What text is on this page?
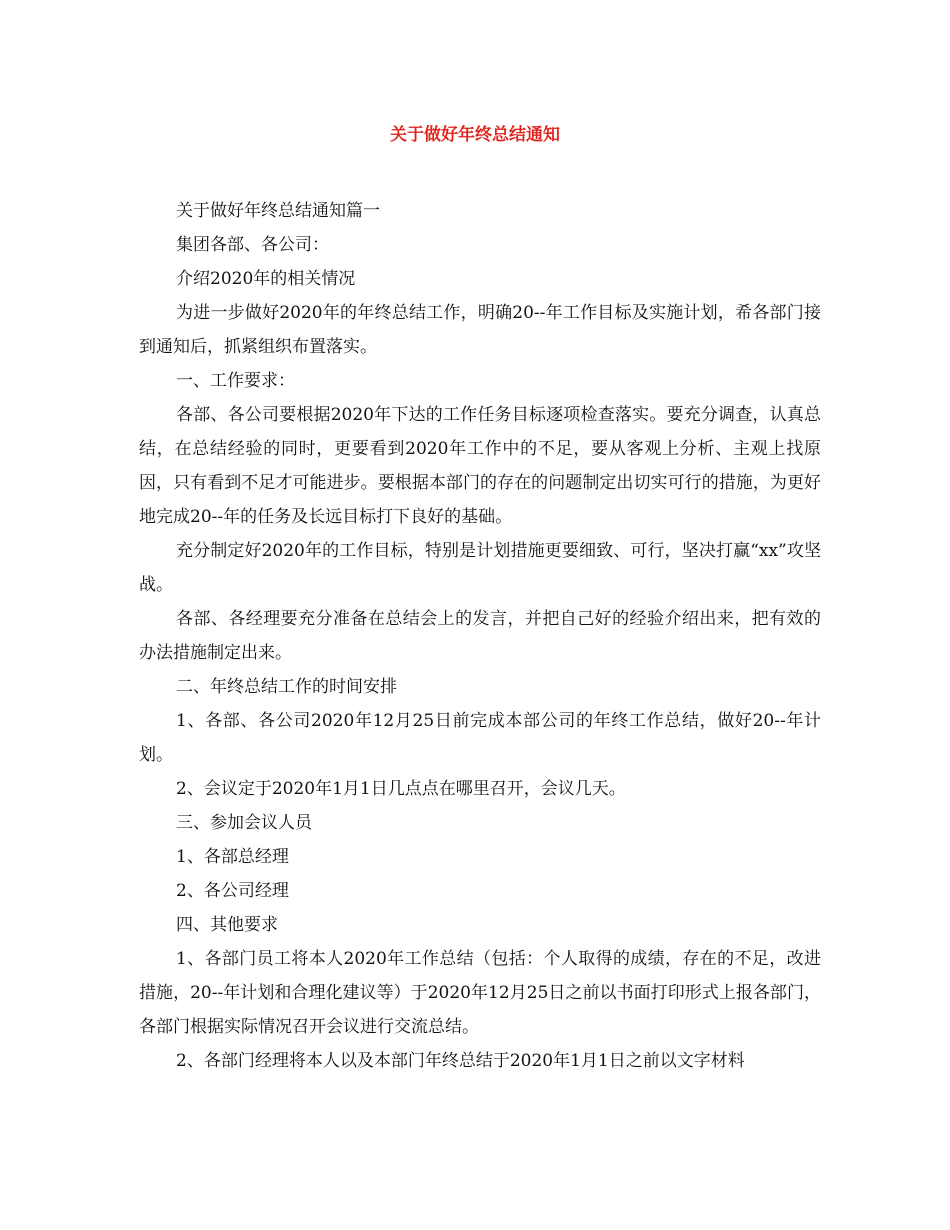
关于做好年终总结通知

关于做好年终总结通知篇一

集团各部、各公司：

介绍2020年的相关情况

为进一步做好2020年的年终总结工作，明确20--年工作目标及实施计划，希各部门接到通知后，抓紧组织布置落实。

一、工作要求：

各部、各公司要根据2020年下达的工作任务目标逐项检查落实。要充分调查，认真总结，在总结经验的同时，更要看到2020年工作中的不足，要从客观上分析、主观上找原因，只有看到不足才可能进步。要根据本部门的存在的问题制定出切实可行的措施，为更好地完成20--年的任务及长远目标打下良好的基础。

充分制定好2020年的工作目标，特别是计划措施更要细致、可行，坚决打赢“xx”攻坚战。

各部、各经理要充分准备在总结会上的发言，并把自己好的经验介绍出来，把有效的办法措施制定出来。

二、年终总结工作的时间安排

1、各部、各公司2020年12月25日前完成本部公司的年终工作总结，做好20--年计划。

2、会议定于2020年1月1日几点点在哪里召开，会议几天。

三、参加会议人员

1、各部总经理

2、各公司经理

四、其他要求

1、各部门员工将本人2020年工作总结（包括：个人取得的成绩，存在的不足，改进措施，20--年计划和合理化建议等）于2020年12月25日之前以书面打印形式上报各部门，各部门根据实际情况召开会议进行交流总结。

2、各部门经理将本人以及本部门年终总结于2020年1月1日之前以文字材料
